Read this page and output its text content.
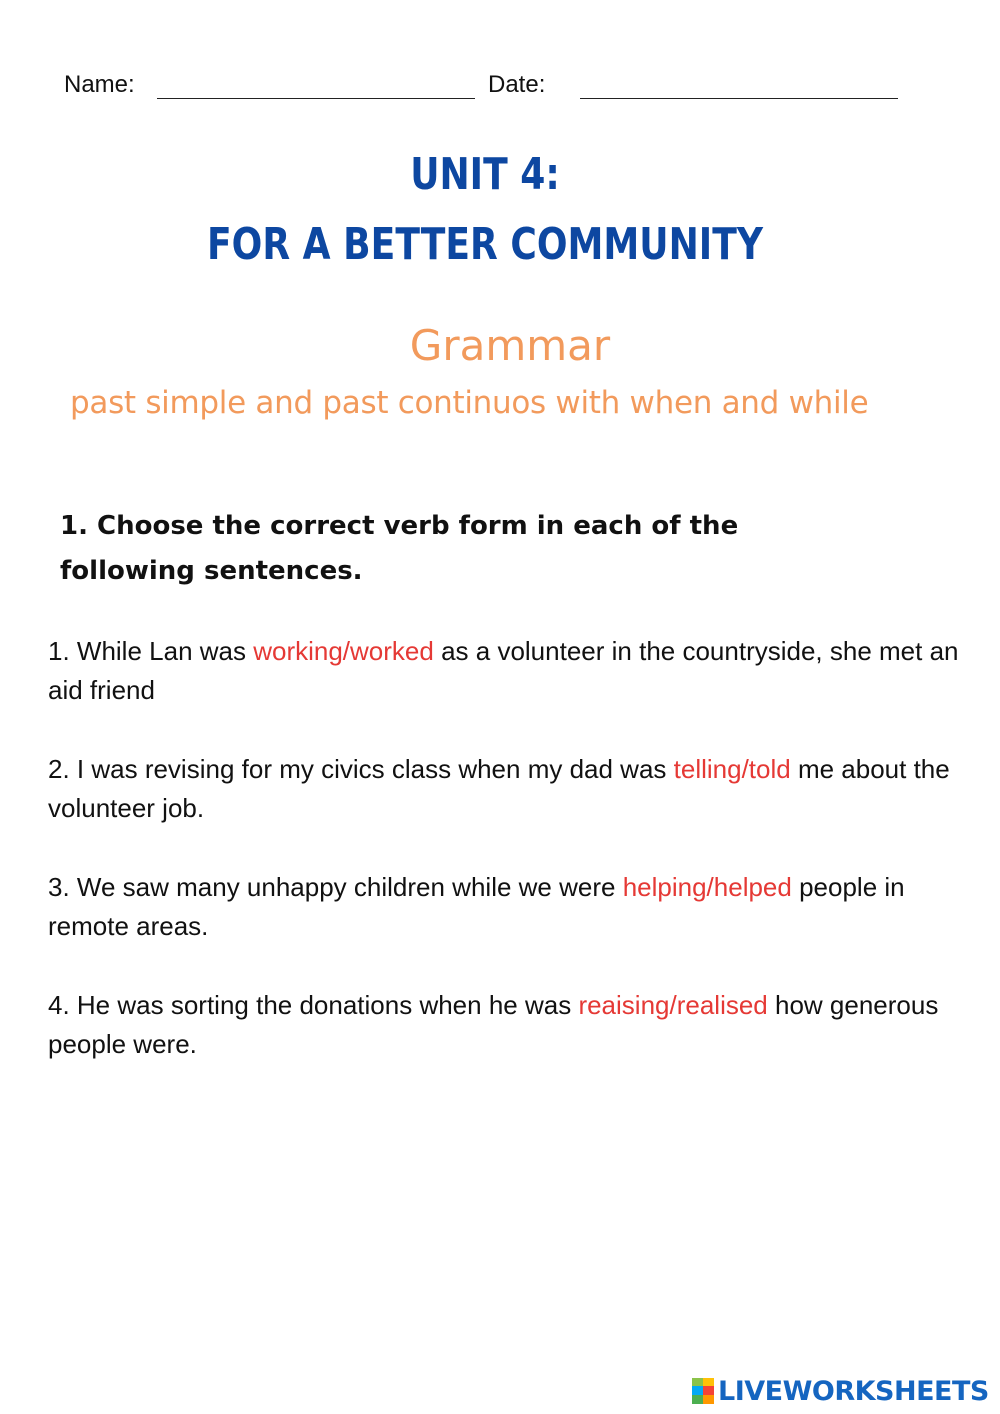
Name:	Date:
UNIT 4:
FOR A BETTER COMMUNITY
Grammar
past simple and past continuos with when and while
1. Choose the correct verb form in each of the
following sentences.

1. While Lan was working/worked as a volunteer in the countryside, she met an aid friend

2. I was revising for my civics class when my dad was telling/told me about the volunteer job.

3. We saw many unhappy children while we were helping/helped people in remote areas.

4. He was sorting the donations when he was reaising/realised how generous people were.

LIVEWORKSHEETS
